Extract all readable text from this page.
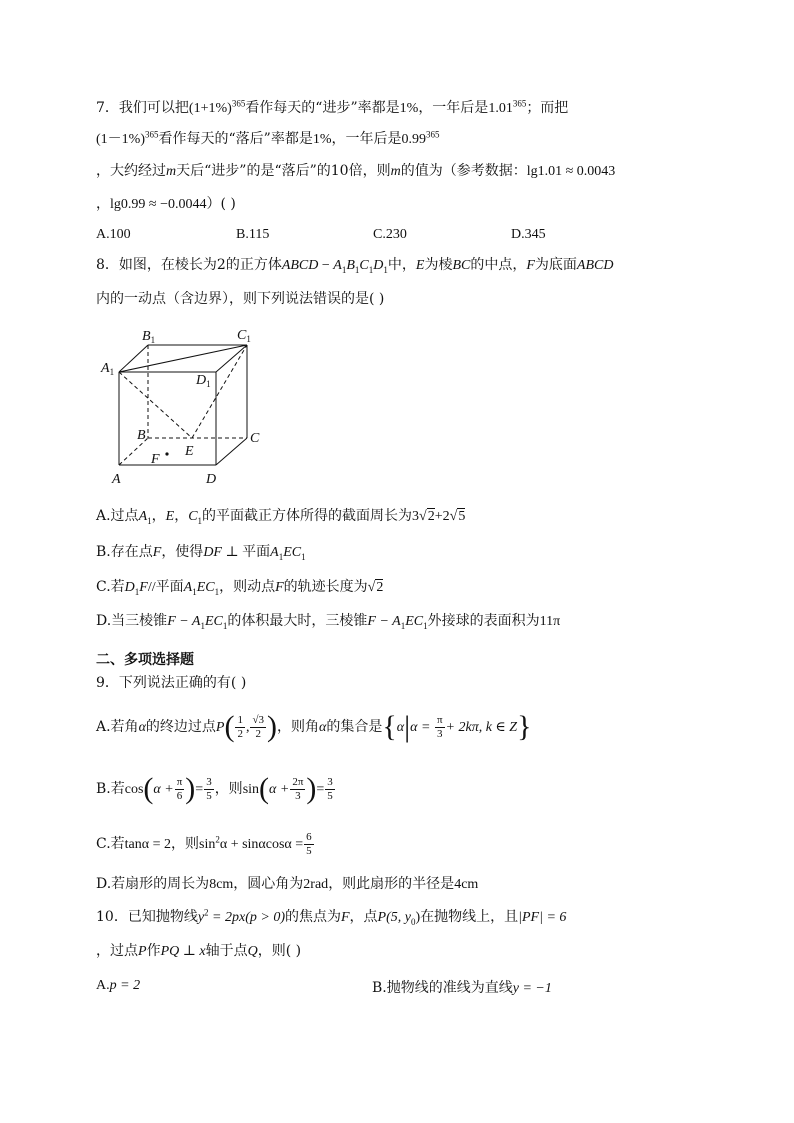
7．我们可以把$(1+1\%)^{365}$看作每天的“进步”率都是1%，一年后是1.01$^{365}$；而把
$(1-1\%)^{365}$看作每天的“落后”率都是1%，一年后是0.99$^{365}$
，大约经过m天后“进步”的是“落后”的10倍，则m的值为（参考数据：lg1.01 ≈ 0.0043
，lg0.99 ≈ −0.0044）( )
A.100	B.115	C.230	D.345
8．如图，在棱长为2的正方体ABCD − $A_1B_1C_1D_1$中，E为棱BC的中点，F为底面ABCD
内的一动点（含边界），则下列说法错误的是( )
$B_1$	$C_1$
$A_1$
$D_1$
B	C
E
F
A	D
A.过点$A_1$，E，$C_1$的平面截正方体所得的截面周长为3√2+2√5
B.存在点F，使得DF ⊥ 平面$A_1EC_1$
C.若$D_1F//$平面$A_1EC_1$，则动点F的轨迹长度为√2
D.当三棱锥$F - A_1EC_1$的体积最大时，三棱锥$F - A_1EC_1$外接球的表面积为11π
二、多项选择题
9．下列说法正确的有( )
A.若角α的终边过点$P( \frac{1}{2}$ , $\frac{√3}{2}$ )，则角α的集合是{$\alpha|\alpha = \frac{\pi}{3} + 2k\pi$, k ∈ Z}
B.若$\cos(\alpha + \frac{\pi}{6}$ )= $\frac{3}{5}$ ，则$\sin(\alpha + \frac{2\pi}{3}$ )= $\frac{3}{5}$
C.若tanα = 2，则$\sin^2\alpha + \sin\alpha\cos\alpha = \frac{6}{5}$
D.若扇形的周长为8cm，圆心角为2rad，则此扇形的半径是4cm
10．已知抛物线$y^2 = 2px(p > 0)$的焦点为F，点P(5, $y_0$)在抛物线上，且|PF| = 6
，过点P作PQ ⊥ x轴于点Q，则( )
A.p = 2	B.抛物线的准线为直线y = −1
